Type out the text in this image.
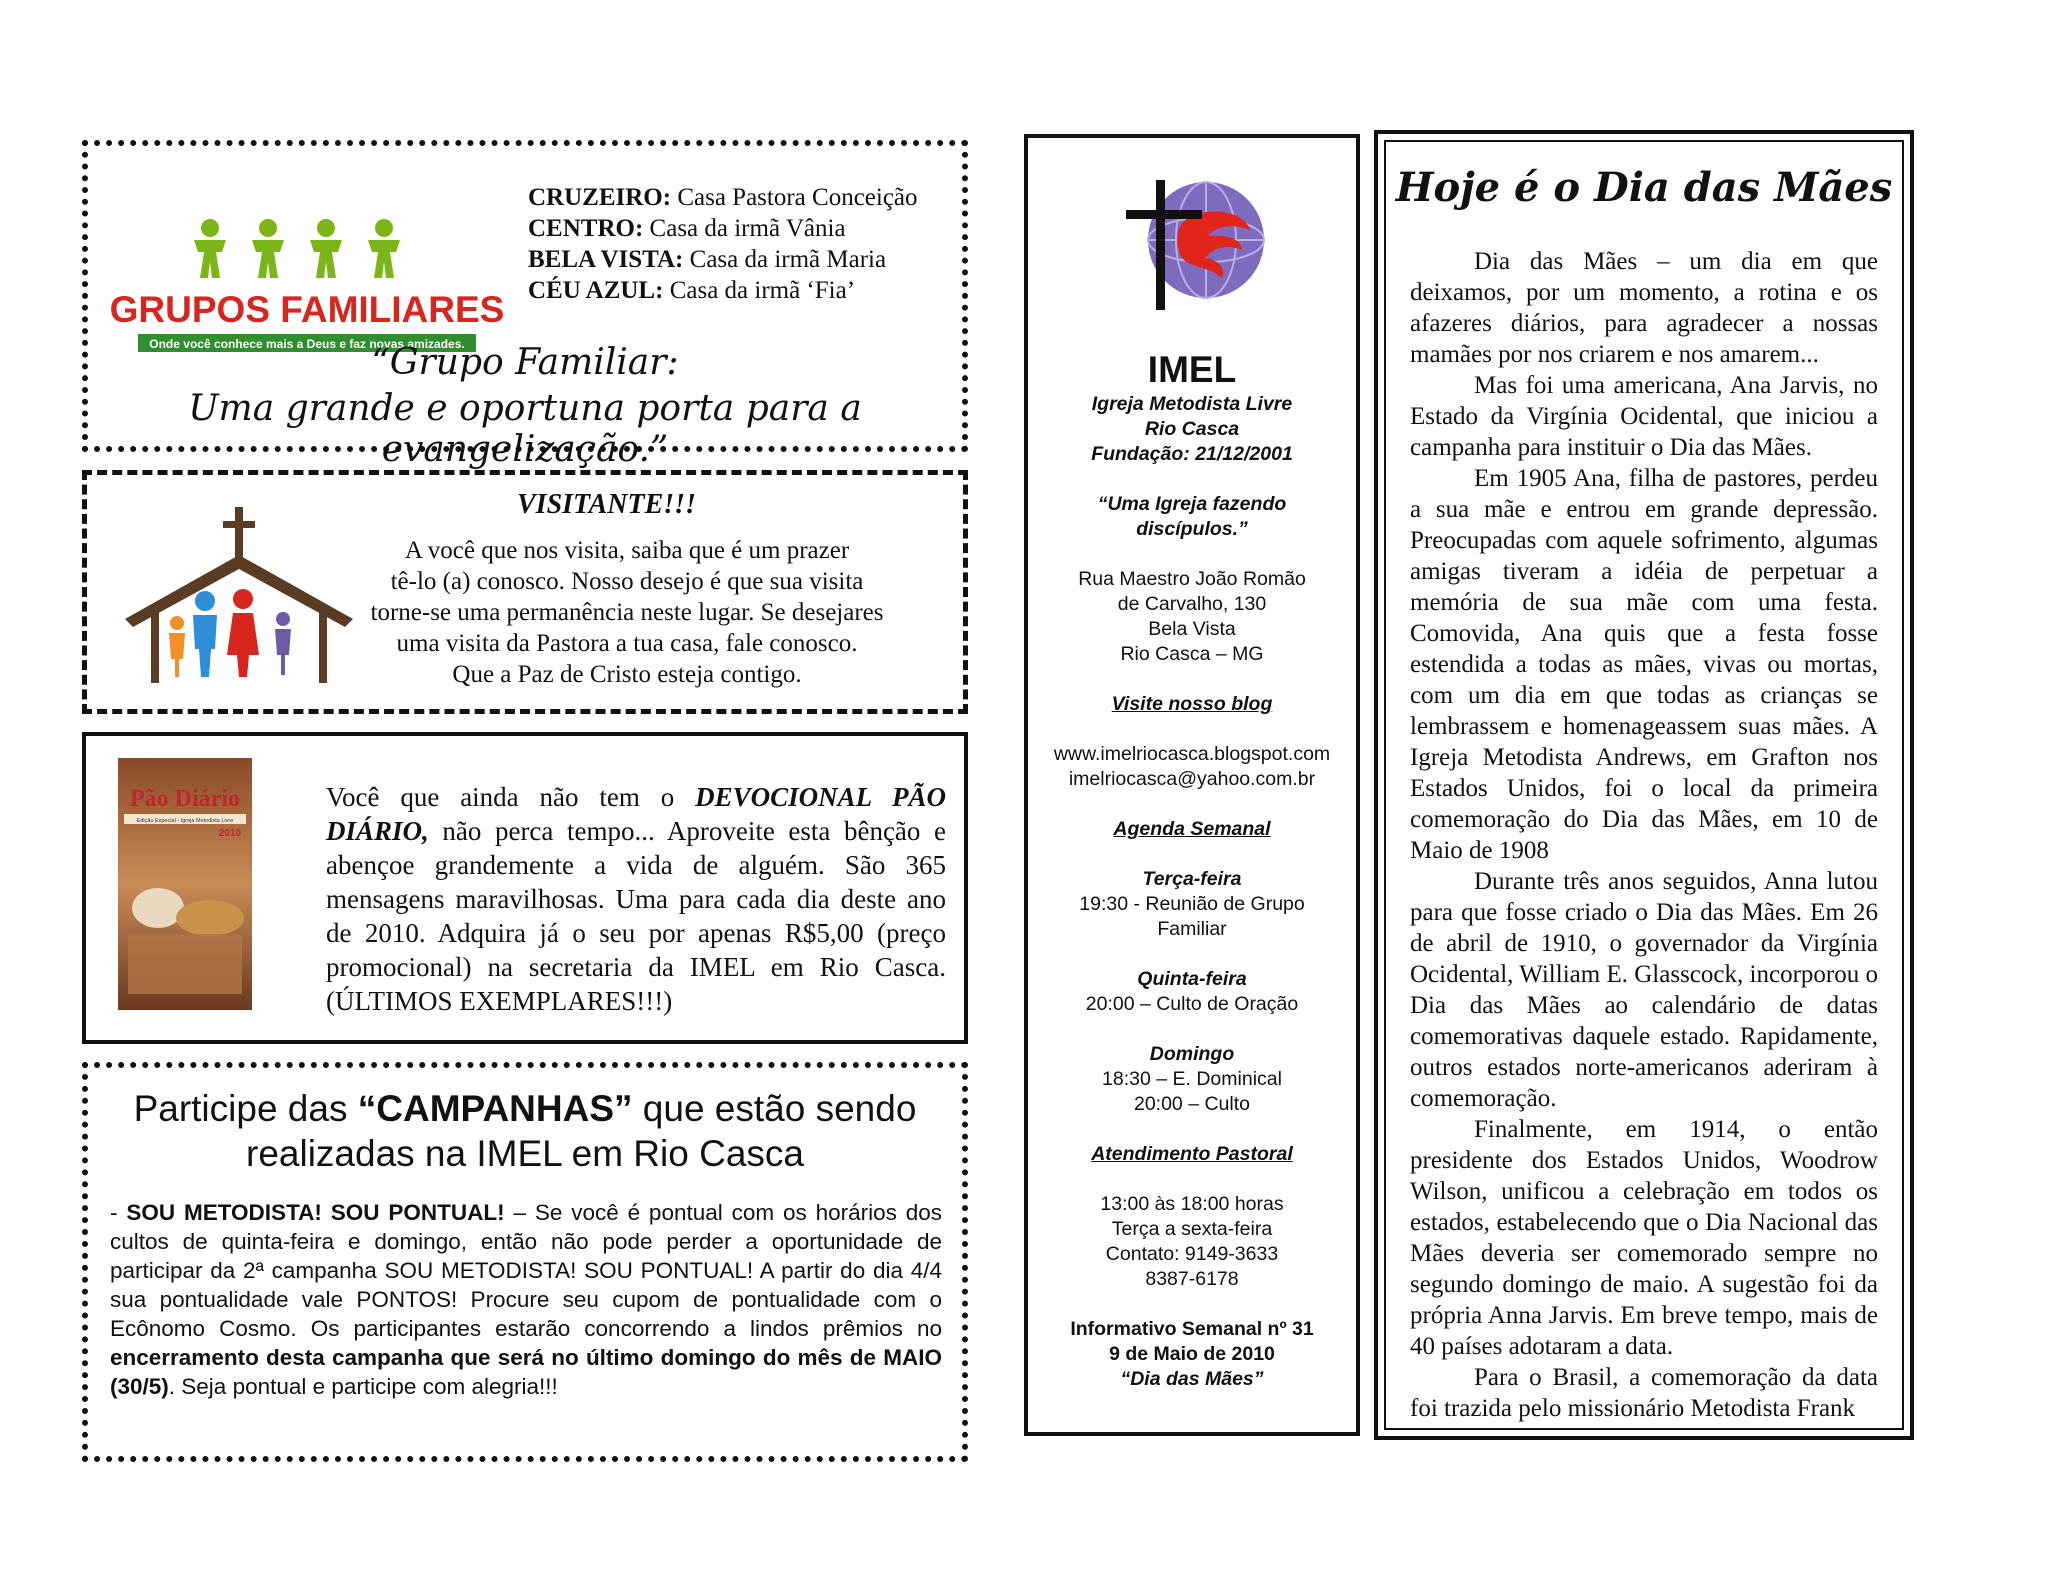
GRUPOS FAMILIARES
Onde você conhece mais a Deus e faz novas amizades.
CRUZEIRO: Casa Pastora Conceição
CENTRO: Casa da irmã Vânia
BELA VISTA: Casa da irmã Maria
CÉU AZUL: Casa da irmã ‘Fia’
“Grupo Familiar:
Uma grande e oportuna porta para a evangelização.”
VISITANTE!!!
A você que nos visita, saiba que é um prazer
tê-lo (a) conosco. Nosso desejo é que sua visita
torne-se uma permanência neste lugar. Se desejares
uma visita da Pastora a tua casa, fale conosco.
Que a Paz de Cristo esteja contigo.
Pão Diário
Edição Especial - Igreja Metodista Livre
2010
Você que ainda não tem o DEVOCIONAL PÃO DIÁRIO, não perca tempo... Aproveite esta bênção e abençoe grandemente a vida de alguém. São 365 mensagens maravilhosas. Uma para cada dia deste ano de 2010. Adquira já o seu por apenas R$5,00 (preço promocional) na secretaria da IMEL em Rio Casca. (ÚLTIMOS EXEMPLARES!!!)
Participe das “CAMPANHAS” que estão sendo realizadas na IMEL em Rio Casca
- SOU METODISTA! SOU PONTUAL! – Se você é pontual com os horários dos cultos de quinta-feira e domingo, então não pode perder a oportunidade de participar da 2ª campanha SOU METODISTA! SOU PONTUAL! A partir do dia 4/4 sua pontualidade vale PONTOS! Procure seu cupom de pontualidade com o Ecônomo Cosmo. Os participantes estarão concorrendo a lindos prêmios no encerramento desta campanha que será no último domingo do mês de MAIO (30/5). Seja pontual e participe com alegria!!!
IMEL
Igreja Metodista Livre
Rio Casca
Fundação: 21/12/2001
“Uma Igreja fazendo discípulos.”
Rua Maestro João Romão
de Carvalho, 130
Bela Vista
Rio Casca – MG
Visite nosso blog
www.imelriocasca.blogspot.com
imelriocasca@yahoo.com.br
Agenda Semanal
Terça-feira
19:30 - Reunião de Grupo
Familiar
Quinta-feira
20:00 – Culto de Oração
Domingo
18:30 – E. Dominical
20:00 – Culto
Atendimento Pastoral
13:00 às 18:00 horas
Terça a sexta-feira
Contato: 9149-3633
8387-6178
Informativo Semanal nº 31
9 de Maio de 2010
“Dia das Mães”
Hoje é o Dia das Mães

Dia das Mães – um dia em que deixamos, por um momento, a rotina e os afazeres diários, para agradecer a nossas mamães por nos criarem e nos amarem...

Mas foi uma americana, Ana Jarvis, no Estado da Virgínia Ocidental, que iniciou a campanha para instituir o Dia das Mães.

Em 1905 Ana, filha de pastores, perdeu a sua mãe e entrou em grande depressão. Preocupadas com aquele sofrimento, algumas amigas tiveram a idéia de perpetuar a memória de sua mãe com uma festa. Comovida, Ana quis que a festa fosse estendida a todas as mães, vivas ou mortas, com um dia em que todas as crianças se lembrassem e homenageassem suas mães. A Igreja Metodista Andrews, em Grafton nos Estados Unidos, foi o local da primeira comemoração do Dia das Mães, em 10 de Maio de 1908

Durante três anos seguidos, Anna lutou para que fosse criado o Dia das Mães. Em 26 de abril de 1910, o governador da Virgínia Ocidental, William E. Glasscock, incorporou o Dia das Mães ao calendário de datas comemorativas daquele estado. Rapidamente, outros estados norte-americanos aderiram à comemoração.

Finalmente, em 1914, o então presidente dos Estados Unidos, Woodrow Wilson, unificou a celebração em todos os estados, estabelecendo que o Dia Nacional das Mães deveria ser comemorado sempre no segundo domingo de maio. A sugestão foi da própria Anna Jarvis. Em breve tempo, mais de 40 países adotaram a data.

Para o Brasil, a comemoração da data foi trazida pelo missionário Metodista Frank
